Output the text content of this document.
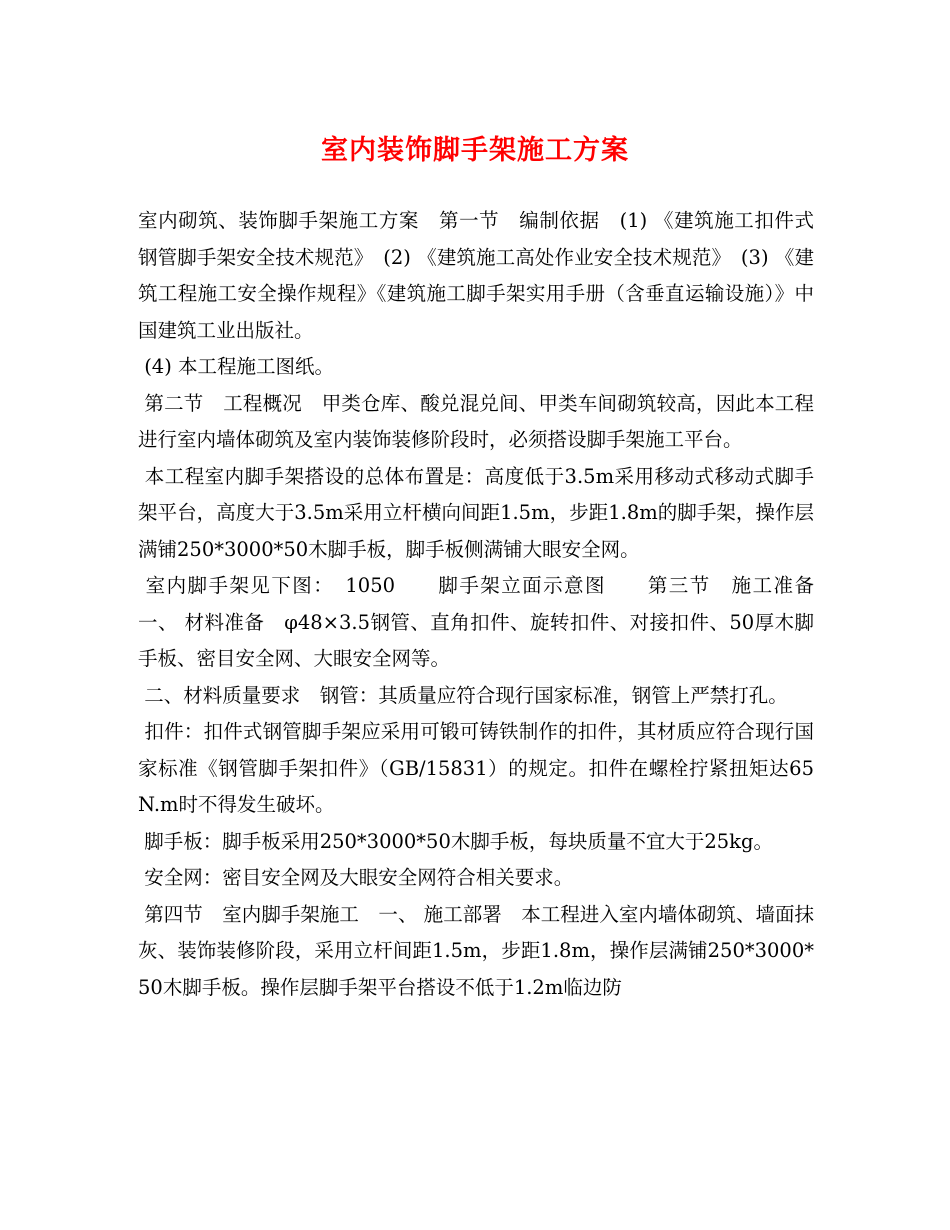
室内装饰脚手架施工方案

室内砌筑、装饰脚手架施工方案　第一节　编制依据　(1) 《建筑施工扣件式钢管脚手架安全技术规范》　(2) 《建筑施工高处作业安全技术规范》　(3) 《建筑工程施工安全操作规程》《建筑施工脚手架实用手册（含垂直运输设施）》中国建筑工业出版社。

(4) 本工程施工图纸。

第二节　工程概况　甲类仓库、酸兑混兑间、甲类车间砌筑较高，因此本工程进行室内墙体砌筑及室内装饰装修阶段时，必须搭设脚手架施工平台。

本工程室内脚手架搭设的总体布置是：高度低于3.5m采用移动式移动式脚手架平台，高度大于3.5m采用立杆横向间距1.5m，步距1.8m的脚手架，操作层满铺250*3000*50木脚手板，脚手板侧满铺大眼安全网。

室内脚手架见下图：　1050　　脚手架立面示意图　　第三节　施工准备　一、 材料准备　φ48×3.5钢管、直角扣件、旋转扣件、对接扣件、50厚木脚手板、密目安全网、大眼安全网等。

二、材料质量要求　钢管：其质量应符合现行国家标准，钢管上严禁打孔。

扣件：扣件式钢管脚手架应采用可锻可铸铁制作的扣件，其材质应符合现行国家标准《钢管脚手架扣件》（GB/15831）的规定。扣件在螺栓拧紧扭矩达65N.m时不得发生破坏。

脚手板：脚手板采用250*3000*50木脚手板，每块质量不宜大于25kg。

安全网：密目安全网及大眼安全网符合相关要求。

第四节　室内脚手架施工　一、 施工部署　本工程进入室内墙体砌筑、墙面抹灰、装饰装修阶段，采用立杆间距1.5m，步距1.8m，操作层满铺250*3000*50木脚手板。操作层脚手架平台搭设不低于1.2m临边防
